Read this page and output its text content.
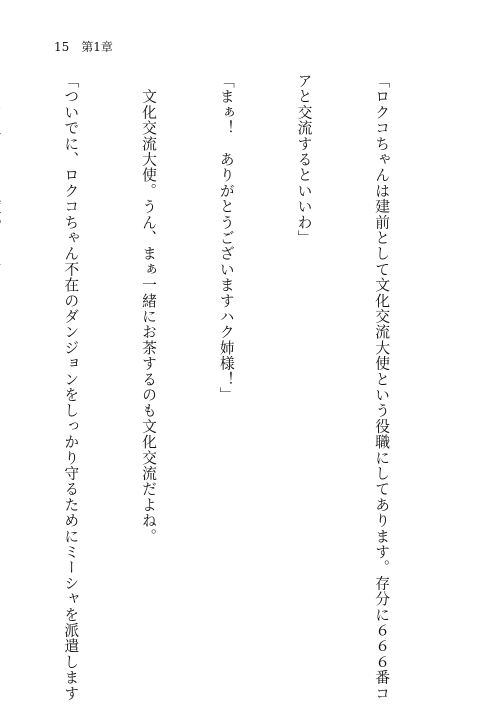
15 第1章

「ロクコちゃんは建前として文化交流大使という役職にしてあります。存分に６６６番コ

アと交流するといいわ」

「まぁ！　ありがとうございますハク姉様！」

　文化交流大使。うん、まぁ一緒にお茶するのも文化交流だよね。

「ついでに、ロクコちゃん不在のダンジョンをしっかり守るためにミーシャを派遣します
